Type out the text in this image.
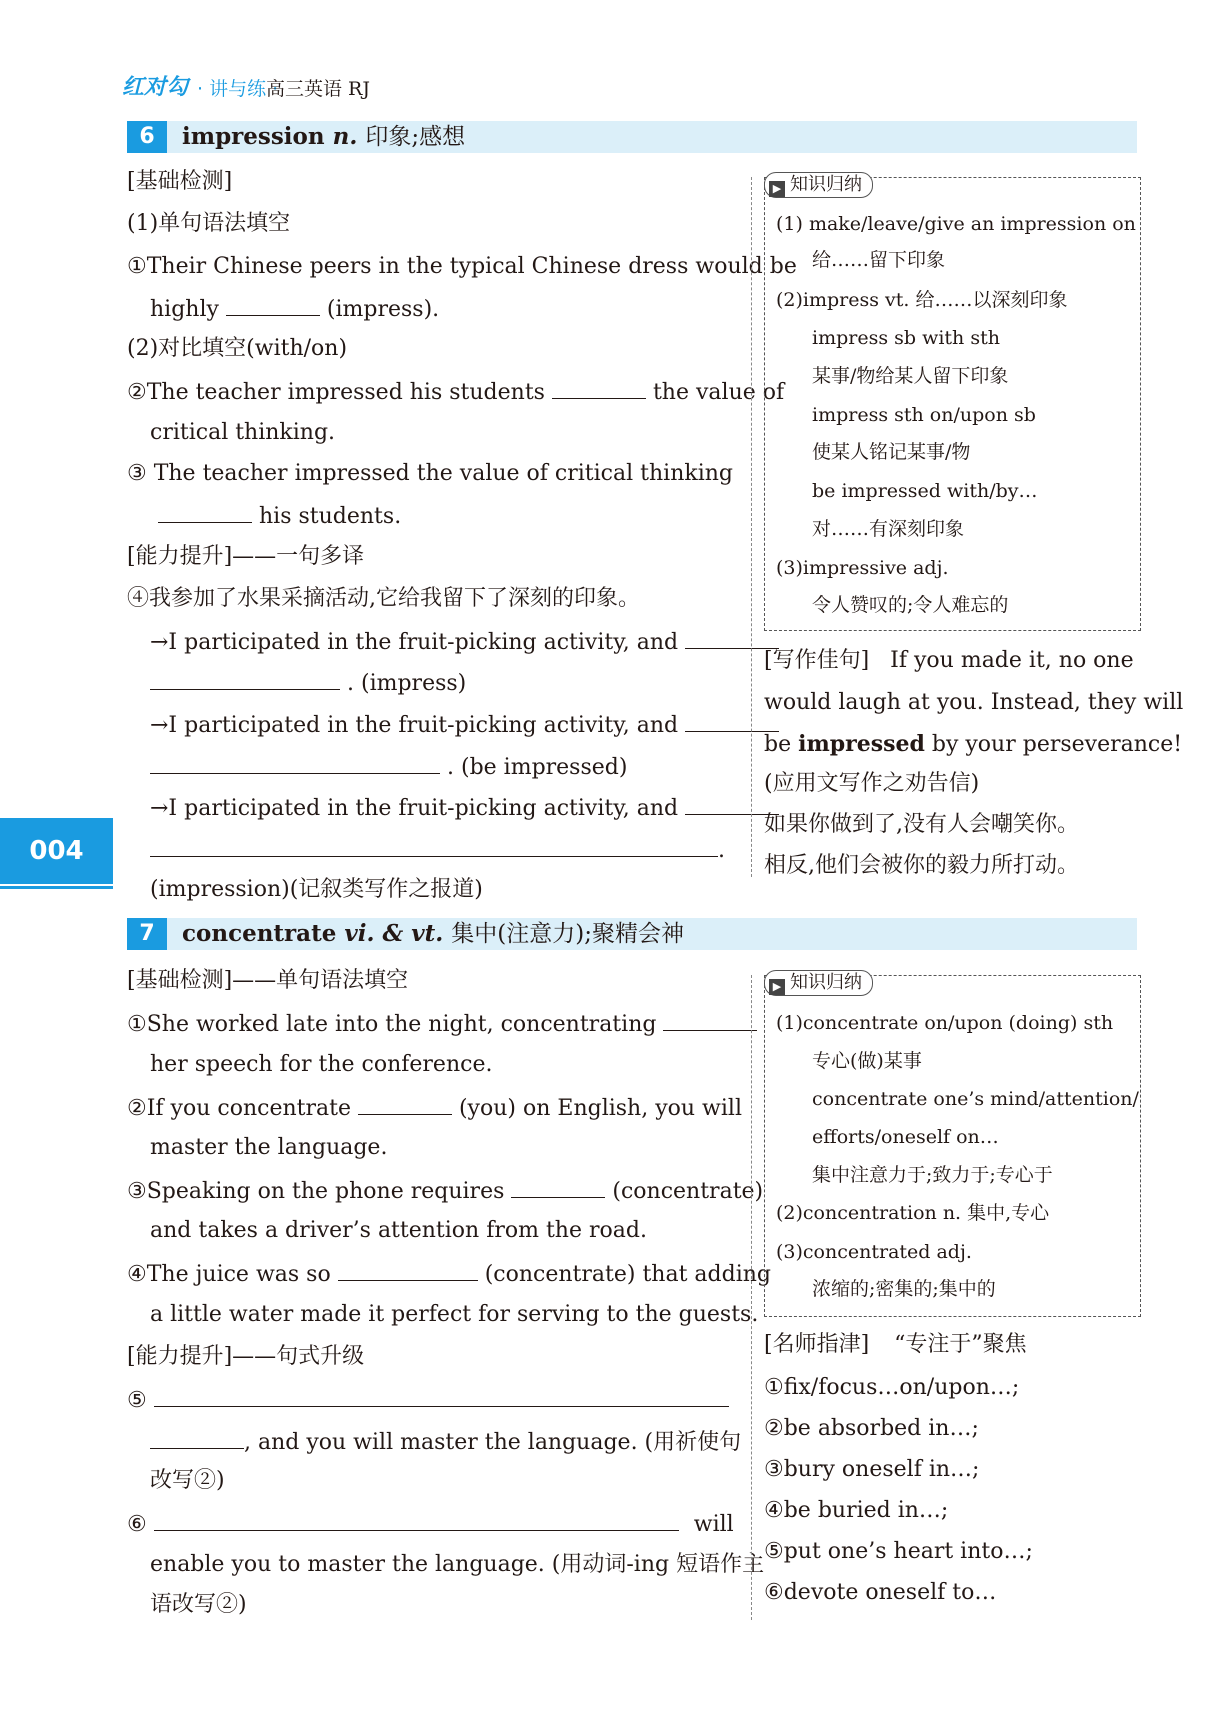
红对勾 · 讲与练 ·
高三英语 RJ
004
6	impression n. 印象;感想
[基础检测]
(1)单句语法填空
①Their Chinese peers in the typical Chinese dress would be
highly	(impress).
(2)对比填空(with/on)
②The teacher impressed his students	the value of
critical thinking.
③ The teacher impressed the value of critical thinking
his students.
[能力提升]——一句多译
④我参加了水果采摘活动,它给我留下了深刻的印象。
→I participated in the fruit-picking activity, and
. (impress)
→I participated in the fruit-picking activity, and
. (be impressed)
→I participated in the fruit-picking activity, and
.
(impression)(记叙类写作之报道)
▶ 知识归纳
(1) make/leave/give an impression on
给……留下印象
(2)impress vt. 给……以深刻印象
impress sb with sth
某事/物给某人留下印象
impress sth on/upon sb
使某人铭记某事/物
be impressed with/by…
对……有深刻印象
(3)impressive adj.
令人赞叹的;令人难忘的
[写作佳句] If you made it, no one
would laugh at you. Instead, they will
be impressed by your perseverance!
(应用文写作之劝告信)
如果你做到了,没有人会嘲笑你。
相反,他们会被你的毅力所打动。
7	concentrate vi. & vt. 集中(注意力);聚精会神
[基础检测]——单句语法填空
①She worked late into the night, concentrating
her speech for the conference.
②If you concentrate	(you) on English, you will
master the language.
③Speaking on the phone requires	(concentrate)
and takes a driver’s attention from the road.
④The juice was so	(concentrate) that adding
a little water made it perfect for serving to the guests.
[能力提升]——句式升级
⑤
, and you will master the language. (用祈使句
改写②)
⑥	will
enable you to master the language. (用动词-ing 短语作主
语改写②)
▶ 知识归纳
(1)concentrate on/upon (doing) sth
专心(做)某事
concentrate one’s mind/attention/
efforts/oneself on…
集中注意力于;致力于;专心于
(2)concentration n. 集中,专心
(3)concentrated adj.
浓缩的;密集的;集中的
[名师指津] “专注于”聚焦
①fix/focus…on/upon…;
②be absorbed in…;
③bury oneself in…;
④be buried in…;
⑤put one’s heart into…;
⑥devote oneself to…
